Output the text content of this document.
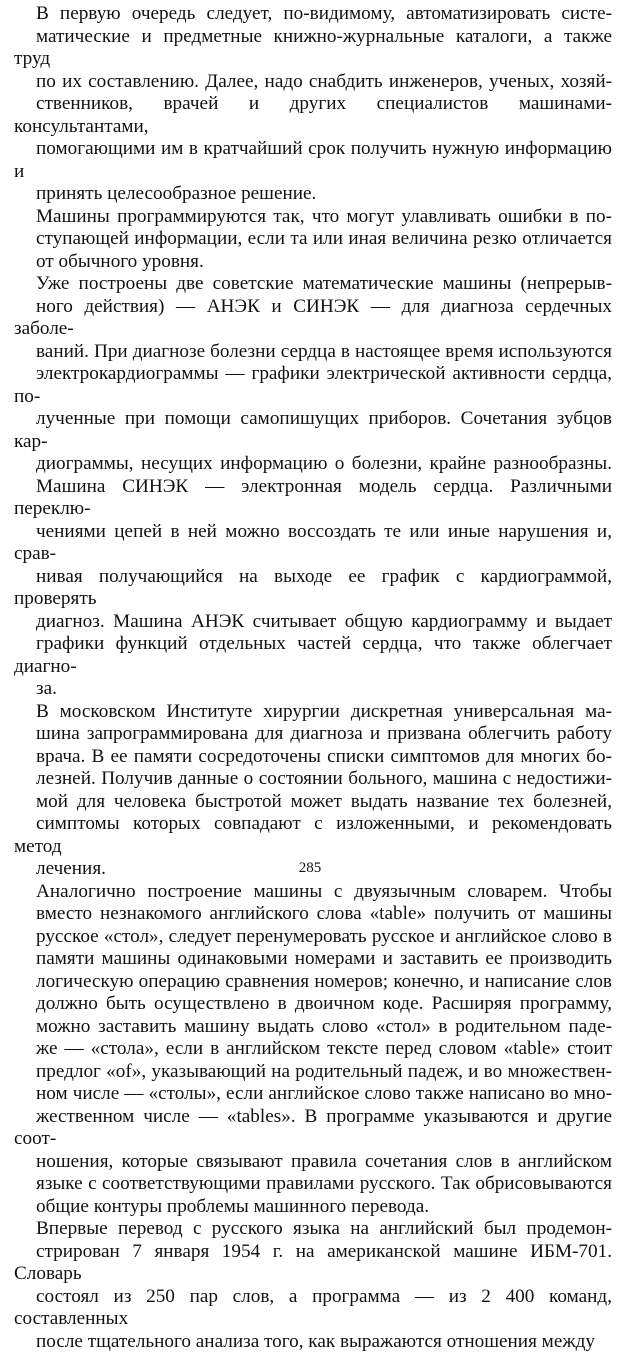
В первую очередь следует, по-видимому, автоматизировать систе-
матические и предметные книжно-журнальные каталоги, а также труд
по их составлению. Далее, надо снабдить инженеров, ученых, хозяй-
ственников, врачей и других специалистов машинами-консультантами,
помогающими им в кратчайший срок получить нужную информацию и
принять целесообразное решение.

Машины программируются так, что могут улавливать ошибки в по-
ступающей информации, если та или иная величина резко отличается
от обычного уровня.

Уже построены две советские математические машины (непрерыв-
ного действия) — АНЭК и СИНЭК — для диагноза сердечных заболе-
ваний. При диагнозе болезни сердца в настоящее время используются
электрокардиограммы — графики электрической активности сердца, по-
лученные при помощи самопишущих приборов. Сочетания зубцов кар-
диограммы, несущих информацию о болезни, крайне разнообразны.
Машина СИНЭК — электронная модель сердца. Различными переклю-
чениями цепей в ней можно воссоздать те или иные нарушения и, срав-
нивая получающийся на выходе ее график с кардиограммой, проверять
диагноз. Машина АНЭК считывает общую кардиограмму и выдает
графики функций отдельных частей сердца, что также облегчает диагно-
за.

В московском Институте хирургии дискретная универсальная ма-
шина запрограммирована для диагноза и призвана облегчить работу
врача. В ее памяти сосредоточены списки симптомов для многих бо-
лезней. Получив данные о состоянии больного, машина с недостижи-
мой для человека быстротой может выдать название тех болезней,
симптомы которых совпадают с изложенными, и рекомендовать метод
лечения.

Аналогично построение машины с двуязычным словарем. Чтобы
вместо незнакомого английского слова «table» получить от машины
русское «стол», следует перенумеровать русское и английское слово в
памяти машины одинаковыми номерами и заставить ее производить
логическую операцию сравнения номеров; конечно, и написание слов
должно быть осуществлено в двоичном коде. Расширяя программу,
можно заставить машину выдать слово «стол» в родительном паде-
же — «стола», если в английском тексте перед словом «table» стоит
предлог «of», указывающий на родительный падеж, и во множествен-
ном числе — «столы», если английское слово также написано во мно-
жественном числе — «tables». В программе указываются и другие соот-
ношения, которые связывают правила сочетания слов в английском
языке с соответствующими правилами русского. Так обрисовываются
общие контуры проблемы машинного перевода.

Впервые перевод с русского языка на английский был продемон-
стрирован 7 января 1954 г. на американской машине ИБМ-701. Словарь
состоял из 250 пар слов, а программа — из 2 400 команд, составленных
после тщательного анализа того, как выражаются отношения между

285
